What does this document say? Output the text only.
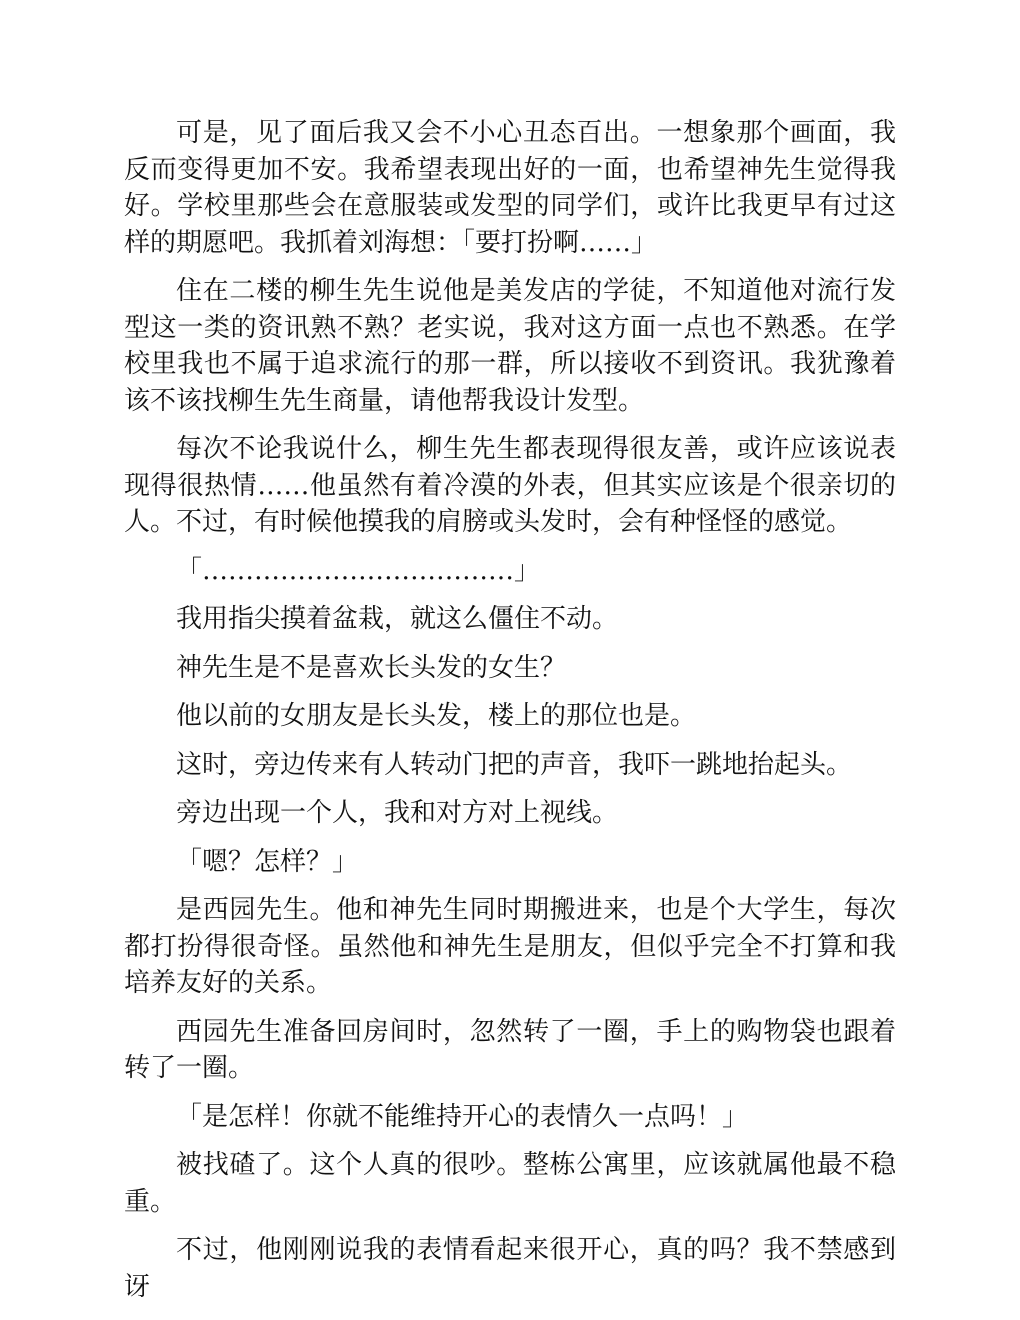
可是，见了面后我又会不小心丑态百出。一想象那个画面，我反而变得更加不安。我希望表现出好的一面，也希望神先生觉得我好。学校里那些会在意服装或发型的同学们，或许比我更早有过这样的期愿吧。我抓着刘海想：「要打扮啊……」

住在二楼的柳生先生说他是美发店的学徒，不知道他对流行发型这一类的资讯熟不熟？老实说，我对这方面一点也不熟悉。在学校里我也不属于追求流行的那一群，所以接收不到资讯。我犹豫着该不该找柳生先生商量，请他帮我设计发型。

每次不论我说什么，柳生先生都表现得很友善，或许应该说表现得很热情……他虽然有着冷漠的外表，但其实应该是个很亲切的人。不过，有时候他摸我的肩膀或头发时，会有种怪怪的感觉。

「………………………………」

我用指尖摸着盆栽，就这么僵住不动。

神先生是不是喜欢长头发的女生？

他以前的女朋友是长头发，楼上的那位也是。

这时，旁边传来有人转动门把的声音，我吓一跳地抬起头。

旁边出现一个人，我和对方对上视线。

「嗯？怎样？」

是西园先生。他和神先生同时期搬进来，也是个大学生，每次都打扮得很奇怪。虽然他和神先生是朋友，但似乎完全不打算和我培养友好的关系。

西园先生准备回房间时，忽然转了一圈，手上的购物袋也跟着转了一圈。

「是怎样！你就不能维持开心的表情久一点吗！」

被找碴了。这个人真的很吵。整栋公寓里，应该就属他最不稳重。

不过，他刚刚说我的表情看起来很开心，真的吗？我不禁感到讶
